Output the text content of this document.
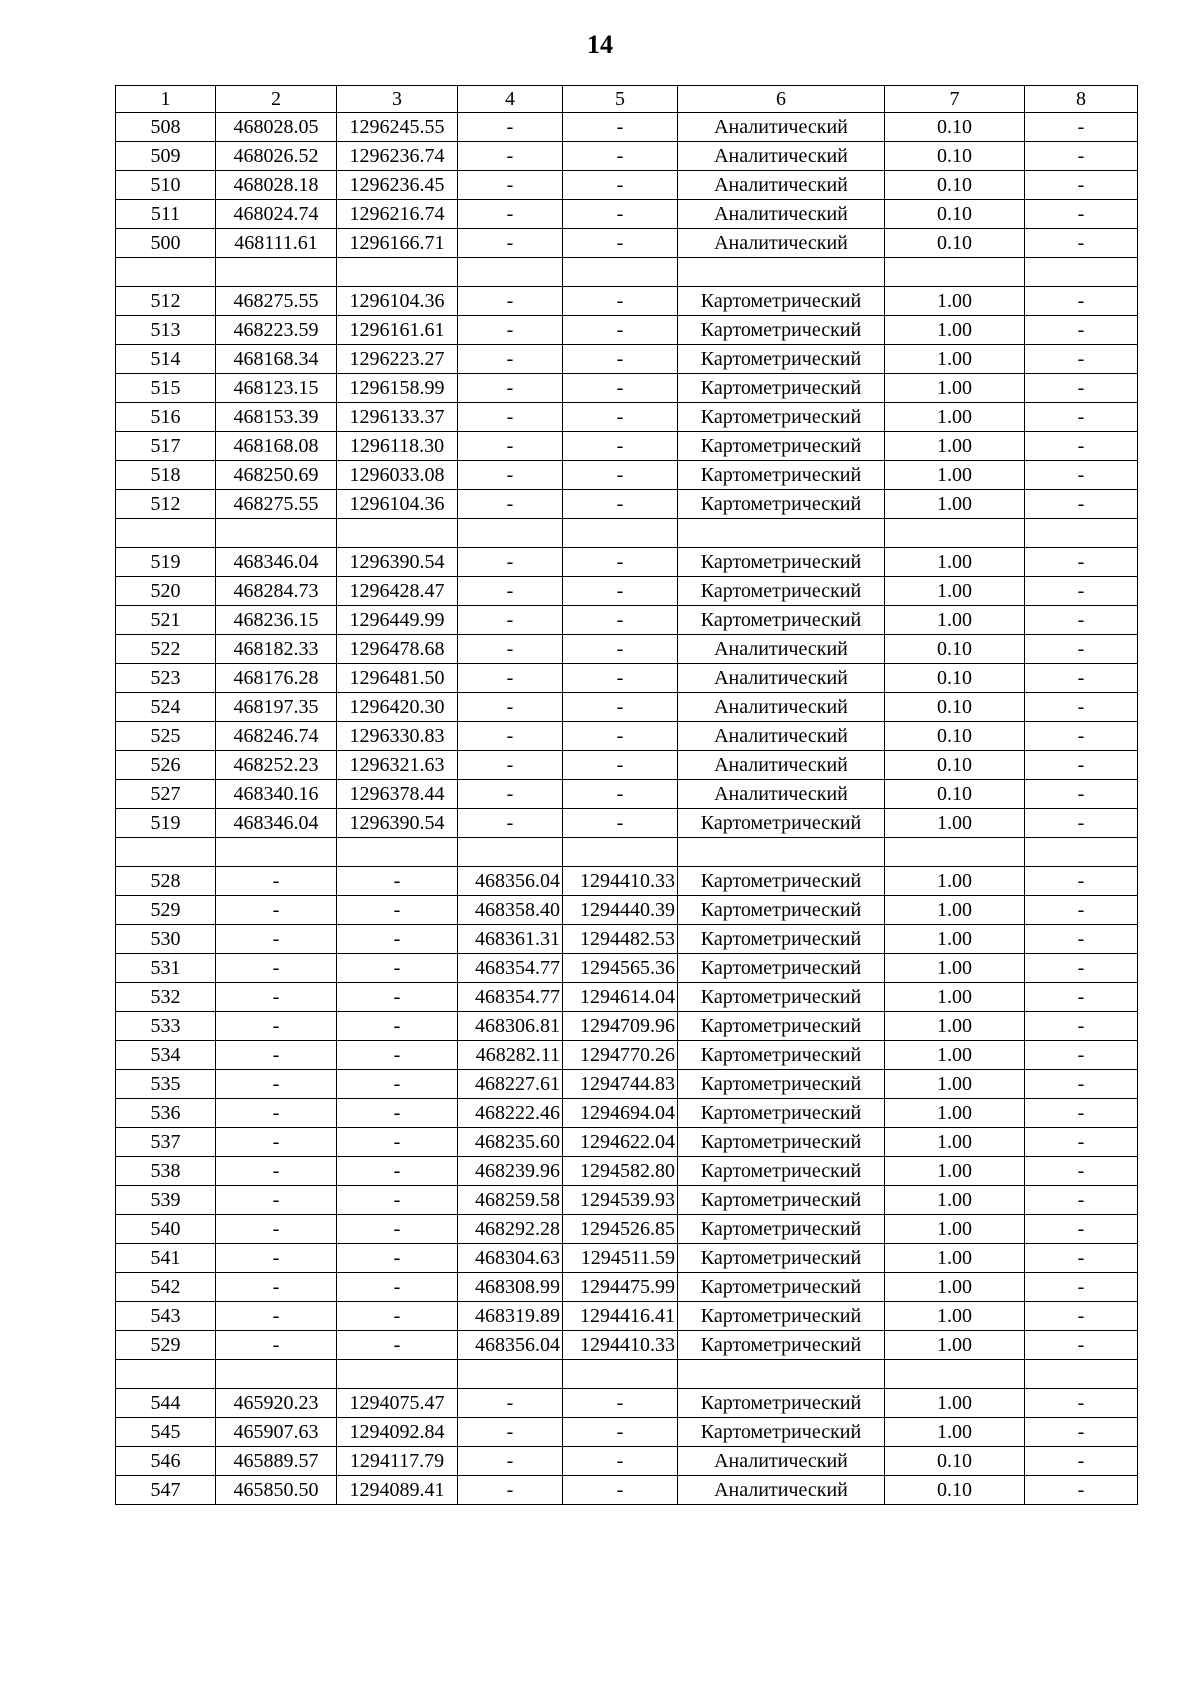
14
1	2	3	4	5	6	7	8
508	468028.05	1296245.55	-	-	Аналитический	0.10	-
509	468026.52	1296236.74	-	-	Аналитический	0.10	-
510	468028.18	1296236.45	-	-	Аналитический	0.10	-
511	468024.74	1296216.74	-	-	Аналитический	0.10	-
500	468111.61	1296166.71	-	-	Аналитический	0.10	-

512	468275.55	1296104.36	-	-	Картометрический	1.00	-
513	468223.59	1296161.61	-	-	Картометрический	1.00	-
514	468168.34	1296223.27	-	-	Картометрический	1.00	-
515	468123.15	1296158.99	-	-	Картометрический	1.00	-
516	468153.39	1296133.37	-	-	Картометрический	1.00	-
517	468168.08	1296118.30	-	-	Картометрический	1.00	-
518	468250.69	1296033.08	-	-	Картометрический	1.00	-
512	468275.55	1296104.36	-	-	Картометрический	1.00	-

519	468346.04	1296390.54	-	-	Картометрический	1.00	-
520	468284.73	1296428.47	-	-	Картометрический	1.00	-
521	468236.15	1296449.99	-	-	Картометрический	1.00	-
522	468182.33	1296478.68	-	-	Аналитический	0.10	-
523	468176.28	1296481.50	-	-	Аналитический	0.10	-
524	468197.35	1296420.30	-	-	Аналитический	0.10	-
525	468246.74	1296330.83	-	-	Аналитический	0.10	-
526	468252.23	1296321.63	-	-	Аналитический	0.10	-
527	468340.16	1296378.44	-	-	Аналитический	0.10	-
519	468346.04	1296390.54	-	-	Картометрический	1.00	-

528	-	-	468356.04	1294410.33	Картометрический	1.00	-
529	-	-	468358.40	1294440.39	Картометрический	1.00	-
530	-	-	468361.31	1294482.53	Картометрический	1.00	-
531	-	-	468354.77	1294565.36	Картометрический	1.00	-
532	-	-	468354.77	1294614.04	Картометрический	1.00	-
533	-	-	468306.81	1294709.96	Картометрический	1.00	-
534	-	-	468282.11	1294770.26	Картометрический	1.00	-
535	-	-	468227.61	1294744.83	Картометрический	1.00	-
536	-	-	468222.46	1294694.04	Картометрический	1.00	-
537	-	-	468235.60	1294622.04	Картометрический	1.00	-
538	-	-	468239.96	1294582.80	Картометрический	1.00	-
539	-	-	468259.58	1294539.93	Картометрический	1.00	-
540	-	-	468292.28	1294526.85	Картометрический	1.00	-
541	-	-	468304.63	1294511.59	Картометрический	1.00	-
542	-	-	468308.99	1294475.99	Картометрический	1.00	-
543	-	-	468319.89	1294416.41	Картометрический	1.00	-
529	-	-	468356.04	1294410.33	Картометрический	1.00	-

544	465920.23	1294075.47	-	-	Картометрический	1.00	-
545	465907.63	1294092.84	-	-	Картометрический	1.00	-
546	465889.57	1294117.79	-	-	Аналитический	0.10	-
547	465850.50	1294089.41	-	-	Аналитический	0.10	-
